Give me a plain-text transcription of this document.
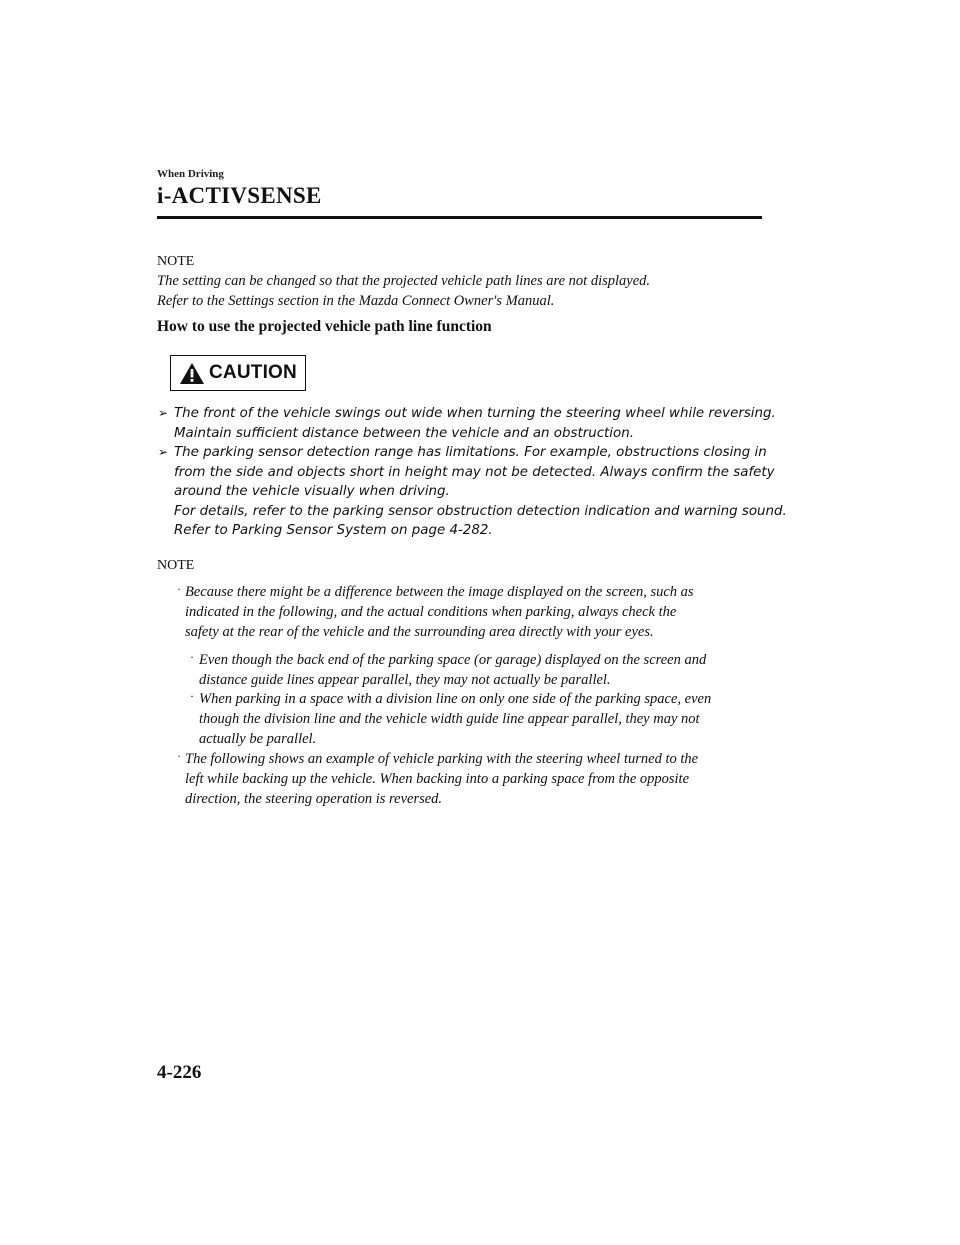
When Driving
i-ACTIVSENSE
NOTE
The setting can be changed so that the projected vehicle path lines are not displayed.
Refer to the Settings section in the Mazda Connect Owner's Manual.
How to use the projected vehicle path line function
CAUTION
➢ The front of the vehicle swings out wide when turning the steering wheel while reversing.
Maintain sufficient distance between the vehicle and an obstruction.
➢ The parking sensor detection range has limitations. For example, obstructions closing in
from the side and objects short in height may not be detected. Always confirm the safety
around the vehicle visually when driving.
For details, refer to the parking sensor obstruction detection indication and warning sound.
Refer to Parking Sensor System on page 4-282.
NOTE
· Because there might be a difference between the image displayed on the screen, such as
indicated in the following, and the actual conditions when parking, always check the
safety at the rear of the vehicle and the surrounding area directly with your eyes.
· Even though the back end of the parking space (or garage) displayed on the screen and
distance guide lines appear parallel, they may not actually be parallel.
· When parking in a space with a division line on only one side of the parking space, even
though the division line and the vehicle width guide line appear parallel, they may not
actually be parallel.
· The following shows an example of vehicle parking with the steering wheel turned to the
left while backing up the vehicle. When backing into a parking space from the opposite
direction, the steering operation is reversed.
4-226
